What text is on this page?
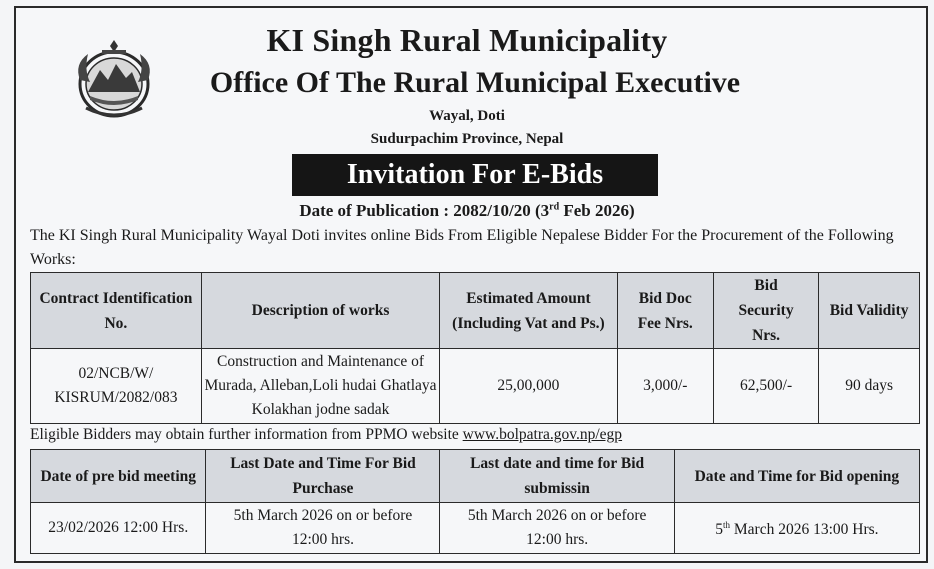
KI Singh Rural Municipality
Office Of The Rural Municipal Executive
Wayal, Doti
Sudurpachim Province, Nepal
Invitation For E-Bids
Date of Publication : 2082/10/20 (3rd Feb 2026)
The KI Singh Rural Municipality Wayal Doti invites online Bids From Eligible Nepalese Bidder For the Procurement of the Following Works:
Contract Identification No.	Description of works	Estimated Amount (Including Vat and Ps.)	Bid Doc Fee Nrs.	Bid Security Nrs.	Bid Validity
02/NCB/W/ KISRUM/2082/083	Construction and Maintenance of Murada, Alleban,Loli hudai Ghatlaya Kolakhan jodne sadak	25,00,000	3,000/-	62,500/-	90 days
Eligible Bidders may obtain further information from PPMO website www.bolpatra.gov.np/egp
Date of pre bid meeting	Last Date and Time For Bid Purchase	Last date and time for Bid submissin	Date and Time for Bid opening
23/02/2026 12:00 Hrs.	5th March 2026 on or before 12:00 hrs.	5th March 2026 on or before 12:00 hrs.	5th March 2026 13:00 Hrs.
